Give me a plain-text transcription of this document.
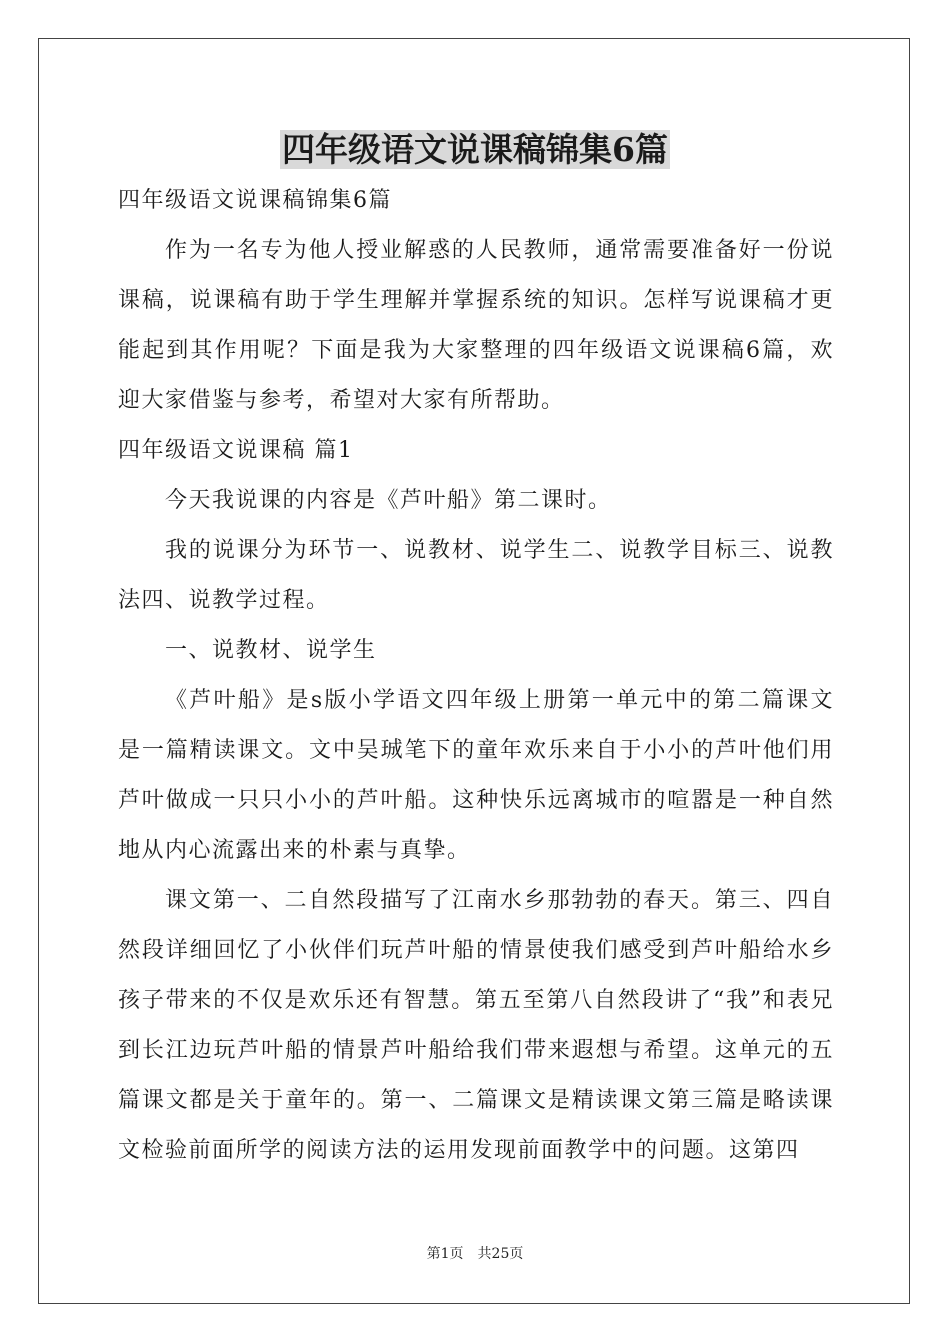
四年级语文说课稿锦集6篇

四年级语文说课稿锦集6篇

作为一名专为他人授业解惑的人民教师，通常需要准备好一份说课稿，说课稿有助于学生理解并掌握系统的知识。怎样写说课稿才更能起到其作用呢？下面是我为大家整理的四年级语文说课稿6篇，欢迎大家借鉴与参考，希望对大家有所帮助。

四年级语文说课稿 篇1

今天我说课的内容是《芦叶船》第二课时。

我的说课分为环节一、说教材、说学生二、说教学目标三、说教法四、说教学过程。

一、说教材、说学生

《芦叶船》是s版小学语文四年级上册第一单元中的第二篇课文是一篇精读课文。文中吴珹笔下的童年欢乐来自于小小的芦叶他们用芦叶做成一只只小小的芦叶船。这种快乐远离城市的喧嚣是一种自然地从内心流露出来的朴素与真挚。

课文第一、二自然段描写了江南水乡那勃勃的春天。第三、四自然段详细回忆了小伙伴们玩芦叶船的情景使我们感受到芦叶船给水乡孩子带来的不仅是欢乐还有智慧。第五至第八自然段讲了“我”和表兄到长江边玩芦叶船的情景芦叶船给我们带来遐想与希望。这单元的五篇课文都是关于童年的。第一、二篇课文是精读课文第三篇是略读课文检验前面所学的阅读方法的运用发现前面教学中的问题。这第四

第1页 共25页
